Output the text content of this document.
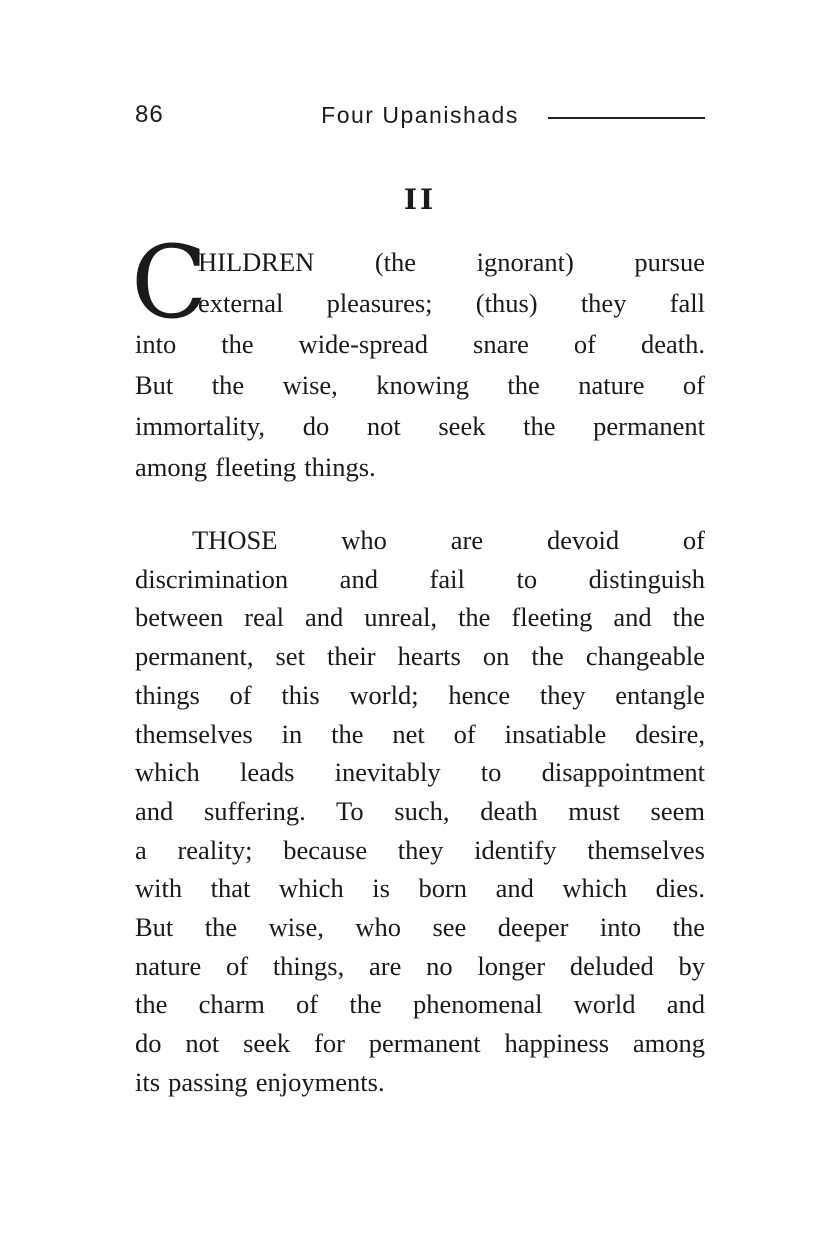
86	Four Upanishads
II
C
HILDREN (the ignorant) pursue
external pleasures; (thus) they fall
into the wide-spread snare of death.
But the wise, knowing the nature of
immortality, do not seek the permanent
among fleeting things.
THOSE who are devoid of
discrimination and fail to distinguish
between real and unreal, the fleeting and the
permanent, set their hearts on the changeable
things of this world; hence they entangle
themselves in the net of insatiable desire,
which leads inevitably to disappointment
and suffering. To such, death must seem
a reality; because they identify themselves
with that which is born and which dies.
But the wise, who see deeper into the
nature of things, are no longer deluded by
the charm of the phenomenal world and
do not seek for permanent happiness among
its passing enjoyments.
